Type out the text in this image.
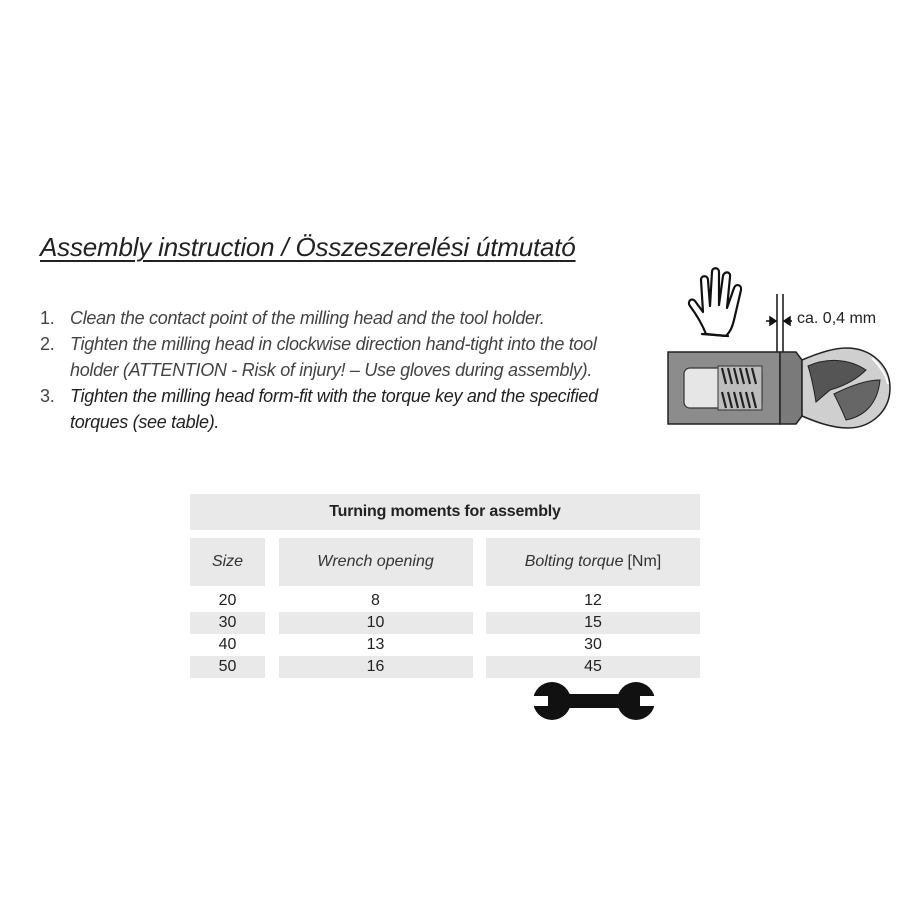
Assembly instruction / Összeszerelési útmutató
1. Clean the contact point of the milling head and the tool holder.
2. Tighten the milling head in clockwise direction hand-tight into the tool holder (ATTENTION - Risk of injury! – Use gloves during assembly).
3. Tighten the milling head form-fit with the torque key and the specified torques (see table).
ca. 0,4 mm
Turning moments for assembly
Size	Wrench opening	Bolting torque [Nm]
20	8	12
30	10	15
40	13	30
50	16	45
